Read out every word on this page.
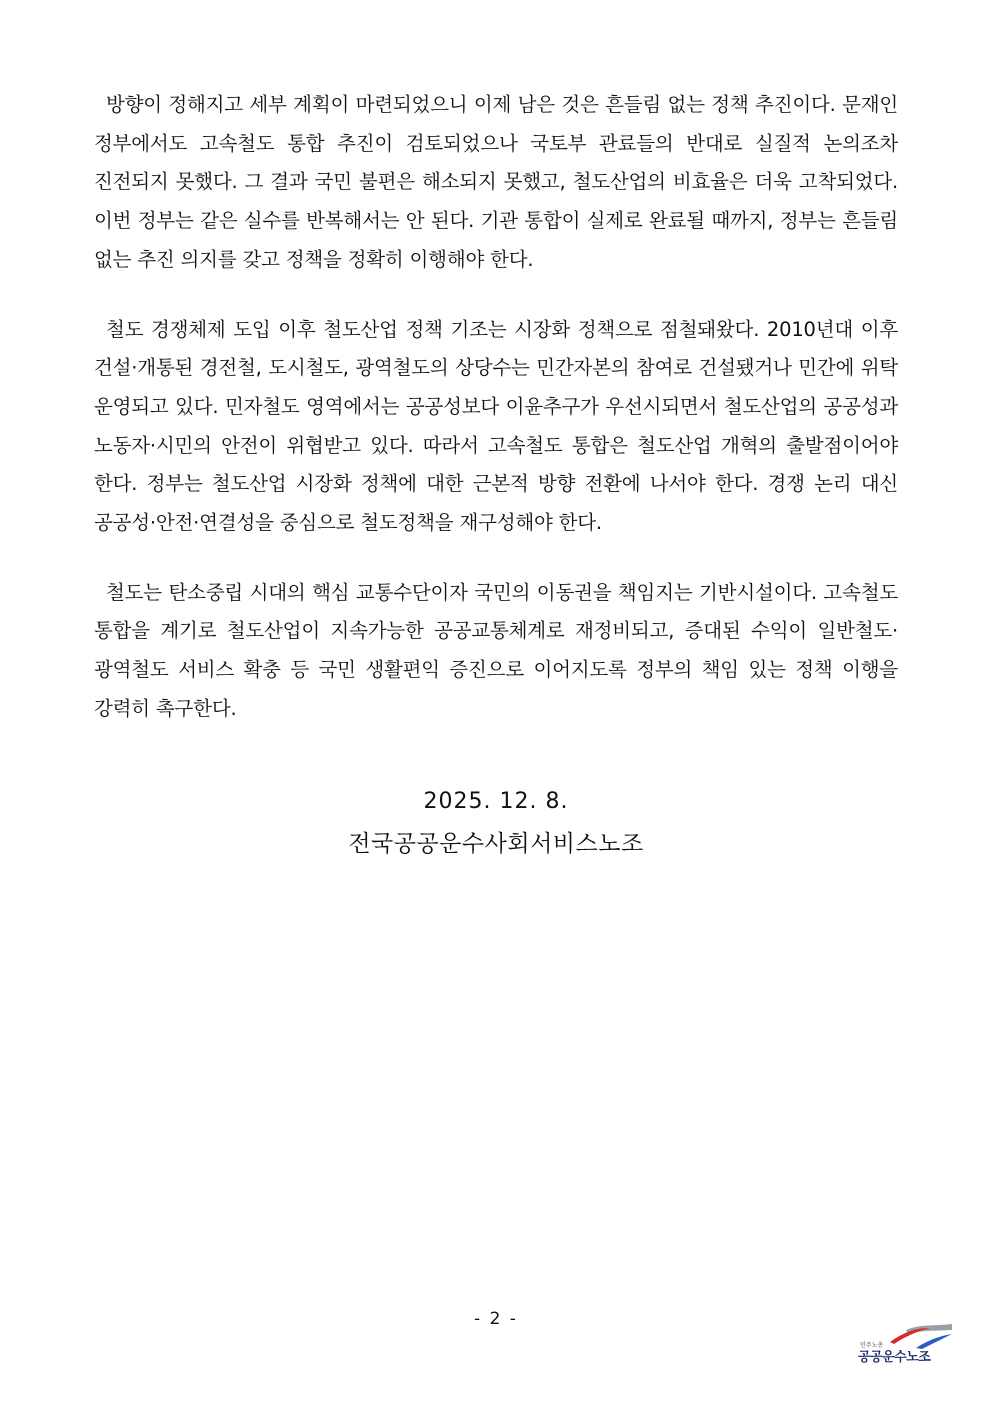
방향이 정해지고 세부 계획이 마련되었으니 이제 남은 것은 흔들림 없는 정책 추진이다. 문재인 정부에서도 고속철도 통합 추진이 검토되었으나 국토부 관료들의 반대로 실질적 논의조차 진전되지 못했다. 그 결과 국민 불편은 해소되지 못했고, 철도산업의 비효율은 더욱 고착되었다. 이번 정부는 같은 실수를 반복해서는 안 된다. 기관 통합이 실제로 완료될 때까지, 정부는 흔들림 없는 추진 의지를 갖고 정책을 정확히 이행해야 한다.

철도 경쟁체제 도입 이후 철도산업 정책 기조는 시장화 정책으로 점철돼왔다. 2010년대 이후 건설·개통된 경전철, 도시철도, 광역철도의 상당수는 민간자본의 참여로 건설됐거나 민간에 위탁 운영되고 있다. 민자철도 영역에서는 공공성보다 이윤추구가 우선시되면서 철도산업의 공공성과 노동자·시민의 안전이 위협받고 있다. 따라서 고속철도 통합은 철도산업 개혁의 출발점이어야 한다. 정부는 철도산업 시장화 정책에 대한 근본적 방향 전환에 나서야 한다. 경쟁 논리 대신 공공성·안전·연결성을 중심으로 철도정책을 재구성해야 한다.

철도는 탄소중립 시대의 핵심 교통수단이자 국민의 이동권을 책임지는 기반시설이다. 고속철도 통합을 계기로 철도산업이 지속가능한 공공교통체계로 재정비되고, 증대된 수익이 일반철도·광역철도 서비스 확충 등 국민 생활편익 증진으로 이어지도록 정부의 책임 있는 정책 이행을 강력히 촉구한다.

2025. 12. 8.
전국공공운수사회서비스노조
- 2 -
민주노총
공공운수노조
